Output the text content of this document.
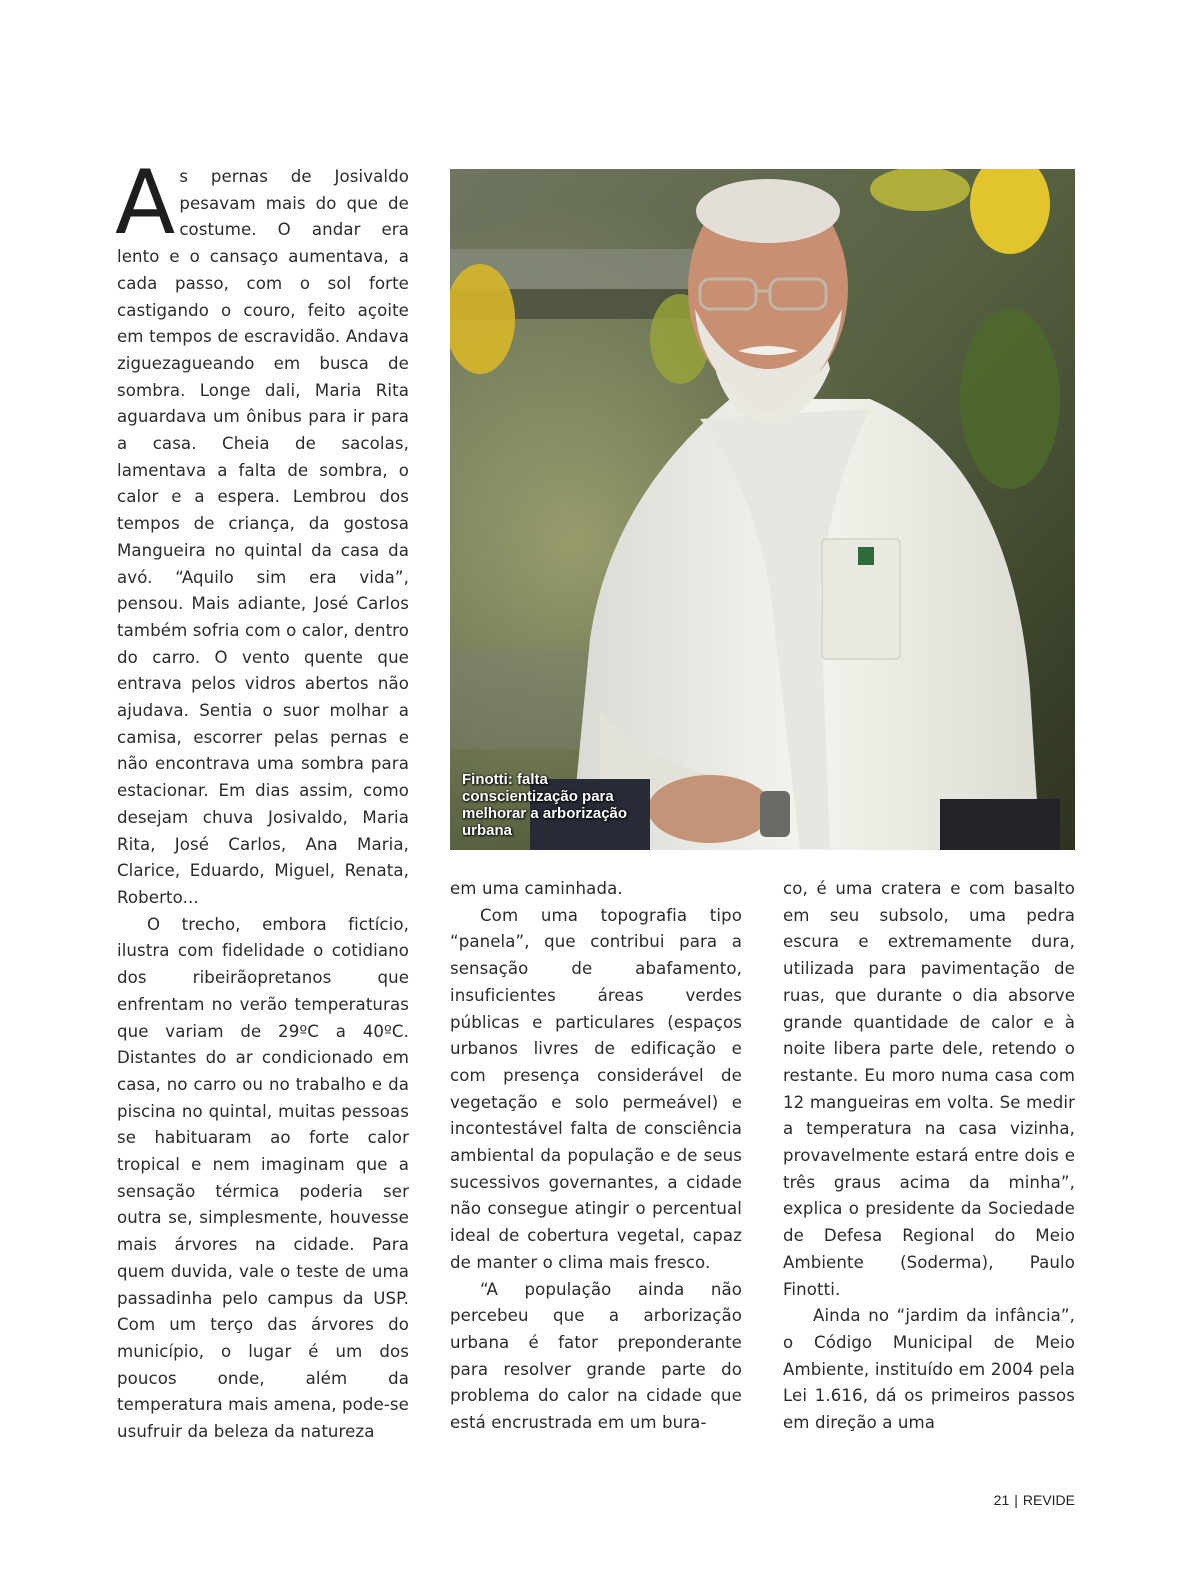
As pernas de Josivaldo pesavam mais do que de costume. O andar era lento e o cansaço aumentava, a cada passo, com o sol forte castigando o couro, feito açoite em tempos de escravidão. Andava ziguezagueando em busca de sombra. Longe dali, Maria Rita aguardava um ônibus para ir para a casa. Cheia de sacolas, lamentava a falta de sombra, o calor e a espera. Lembrou dos tempos de criança, da gostosa Mangueira no quintal da casa da avó. “Aquilo sim era vida”, pensou. Mais adiante, José Carlos também sofria com o calor, dentro do carro. O vento quente que entrava pelos vidros abertos não ajudava. Sentia o suor molhar a camisa, escorrer pelas pernas e não encontrava uma sombra para estacionar. Em dias assim, como desejam chuva Josivaldo, Maria Rita, José Carlos, Ana Maria, Clarice, Eduardo, Miguel, Renata, Roberto...

O trecho, embora fictício, ilustra com fidelidade o cotidiano dos ribeirãopretanos que enfrentam no verão temperaturas que variam de 29ºC a 40ºC. Distantes do ar condicionado em casa, no carro ou no trabalho e da piscina no quintal, muitas pessoas se habituaram ao forte calor tropical e nem imaginam que a sensação térmica poderia ser outra se, simplesmente, houvesse mais árvores na cidade. Para quem duvida, vale o teste de uma passadinha pelo campus da USP. Com um terço das árvores do município, o lugar é um dos poucos onde, além da temperatura mais amena, pode-se usufruir da beleza da natureza

Finotti: falta conscientização para melhorar a arborização urbana

em uma caminhada.

Com uma topografia tipo “panela”, que contribui para a sensação de abafamento, insuficientes áreas verdes públicas e particulares (espaços urbanos livres de edificação e com presença considerável de vegetação e solo permeável) e incontestável falta de consciência ambiental da população e de seus sucessivos governantes, a cidade não consegue atingir o percentual ideal de cobertura vegetal, capaz de manter o clima mais fresco.

“A população ainda não percebeu que a arborização urbana é fator preponderante para resolver grande parte do problema do calor na cidade que está encrustrada em um bura-

co, é uma cratera e com basalto em seu subsolo, uma pedra escura e extremamente dura, utilizada para pavimentação de ruas, que durante o dia absorve grande quantidade de calor e à noite libera parte dele, retendo o restante. Eu moro numa casa com 12 mangueiras em volta. Se medir a temperatura na casa vizinha, provavelmente estará entre dois e três graus acima da minha”, explica o presidente da Sociedade de Defesa Regional do Meio Ambiente (Soderma), Paulo Finotti.

Ainda no “jardim da infância”, o Código Municipal de Meio Ambiente, instituído em 2004 pela Lei 1.616, dá os primeiros passos em direção a uma

21 | REVIDE
